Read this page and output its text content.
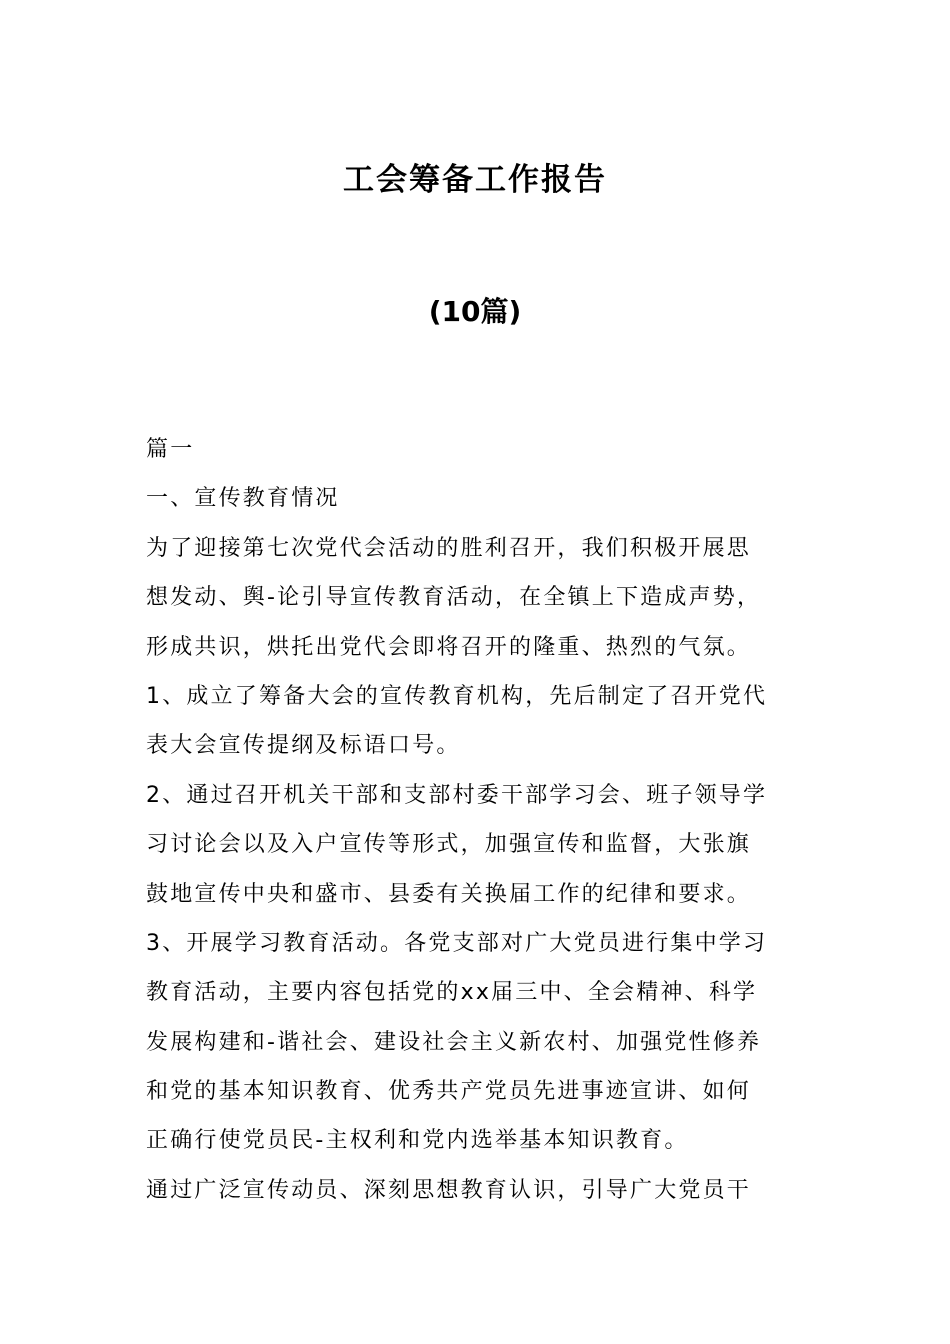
工会筹备工作报告
(10篇)
篇一
一、宣传教育情况
为了迎接第七次党代会活动的胜利召开，我们积极开展思
想发动、舆-论引导宣传教育活动，在全镇上下造成声势，
形成共识，烘托出党代会即将召开的隆重、热烈的气氛。
1、成立了筹备大会的宣传教育机构，先后制定了召开党代
表大会宣传提纲及标语口号。
2、通过召开机关干部和支部村委干部学习会、班子领导学
习讨论会以及入户宣传等形式，加强宣传和监督，大张旗
鼓地宣传中央和盛市、县委有关换届工作的纪律和要求。
3、开展学习教育活动。各党支部对广大党员进行集中学习
教育活动，主要内容包括党的xx届三中、全会精神、科学
发展构建和-谐社会、建设社会主义新农村、加强党性修养
和党的基本知识教育、优秀共产党员先进事迹宣讲、如何
正确行使党员民-主权利和党内选举基本知识教育。
通过广泛宣传动员、深刻思想教育认识，引导广大党员干
